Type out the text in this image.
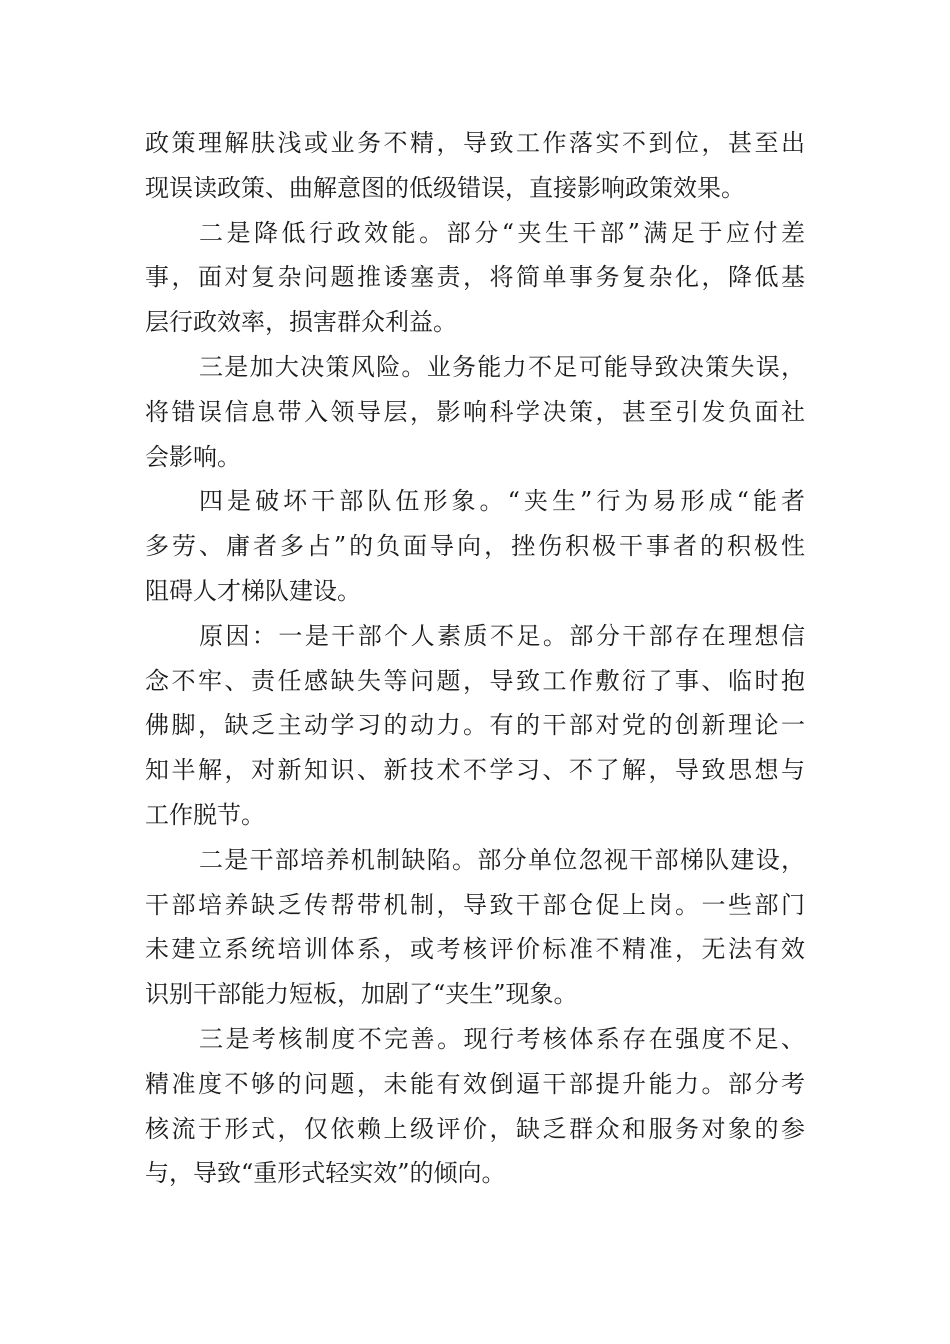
政策理解肤浅或业务不精，导致工作落实不到位，甚至出
现误读政策、曲解意图的低级错误，直接影响政策效果。
二是降低行政效能。部分“夹生干部”满足于应付差
事，面对复杂问题推诿塞责，将简单事务复杂化，降低基
层行政效率，损害群众利益。
三是加大决策风险。业务能力不足可能导致决策失误，
将错误信息带入领导层，影响科学决策，甚至引发负面社
会影响。
四是破坏干部队伍形象。“夹生”行为易形成“能者
多劳、庸者多占”的负面导向，挫伤积极干事者的积极性
阻碍人才梯队建设。
原因：一是干部个人素质不足。部分干部存在理想信
念不牢、责任感缺失等问题，导致工作敷衍了事、临时抱
佛脚，缺乏主动学习的动力。有的干部对党的创新理论一
知半解，对新知识、新技术不学习、不了解，导致思想与
工作脱节。
二是干部培养机制缺陷。部分单位忽视干部梯队建设，
干部培养缺乏传帮带机制，导致干部仓促上岗。一些部门
未建立系统培训体系，或考核评价标准不精准，无法有效
识别干部能力短板，加剧了“夹生”现象。
三是考核制度不完善。现行考核体系存在强度不足、
精准度不够的问题，未能有效倒逼干部提升能力。部分考
核流于形式，仅依赖上级评价，缺乏群众和服务对象的参
与，导致“重形式轻实效”的倾向。
